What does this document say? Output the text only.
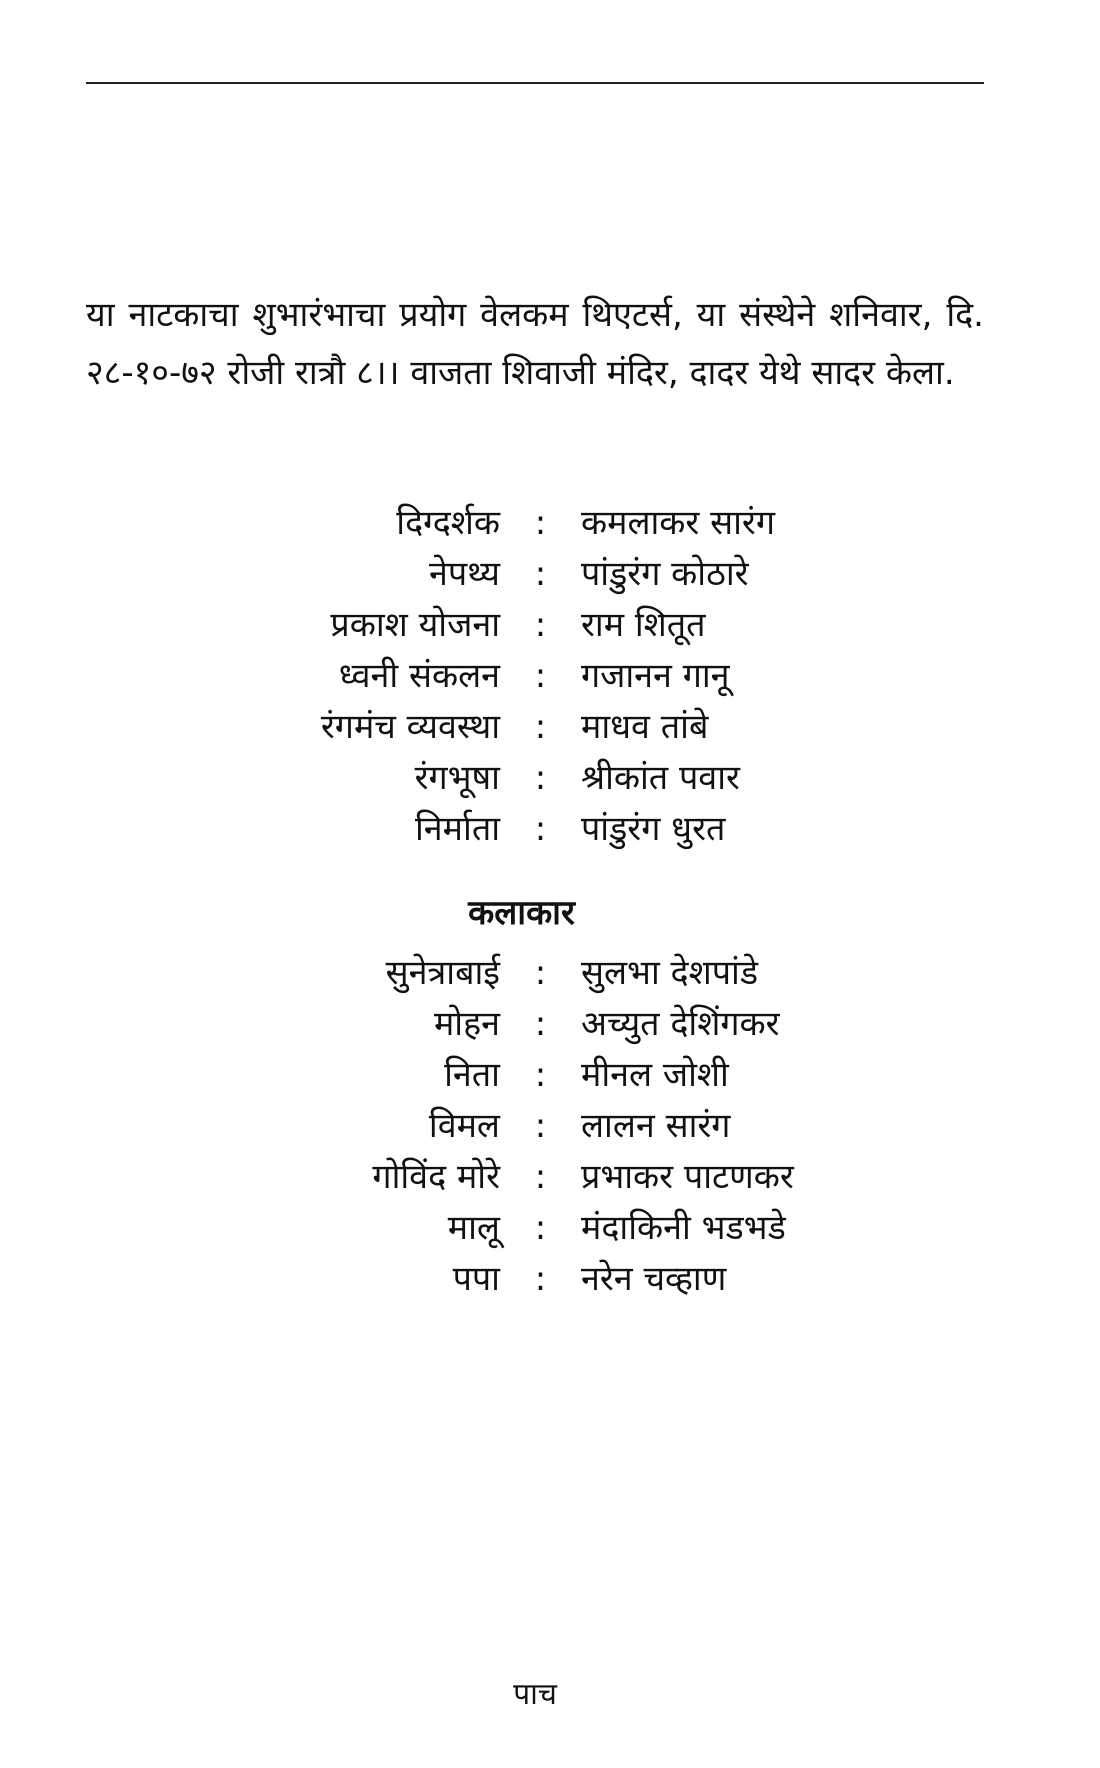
या नाटकाचा शुभारंभाचा प्रयोग वेलकम थिएटर्स, या संस्थेने शनिवार, दि. २८-१०-७२ रोजी रात्रौ ८।। वाजता शिवाजी मंदिर, दादर येथे सादर केला.

दिग्दर्शक	:	कमलाकर सारंग
नेपथ्य	:	पांडुरंग कोठारे
प्रकाश योजना	:	राम शितूत
ध्वनी संकलन	:	गजानन गानू
रंगमंच व्यवस्था	:	माधव तांबे
रंगभूषा	:	श्रीकांत पवार
निर्माता	:	पांडुरंग धुरत
कलाकार
सुनेत्राबाई	:	सुलभा देशपांडे
मोहन	:	अच्युत देशिंगकर
निता	:	मीनल जोशी
विमल	:	लालन सारंग
गोविंद मोरे	:	प्रभाकर पाटणकर
मालू	:	मंदाकिनी भडभडे
पपा	:	नरेन चव्हाण

पाच
